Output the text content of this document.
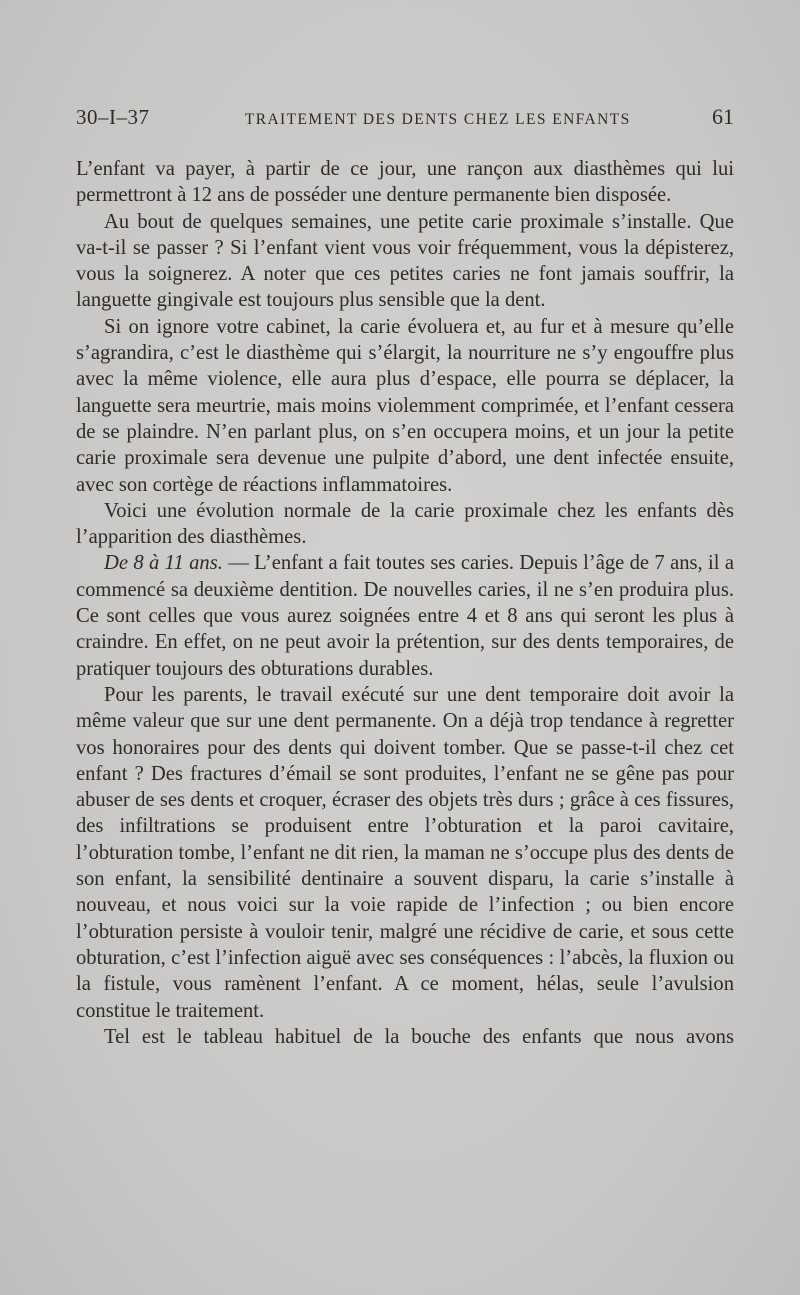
30–I–37	TRAITEMENT DES DENTS CHEZ LES ENFANTS	61

L’enfant va payer, à partir de ce jour, une rançon aux diasthèmes qui lui permettront à 12 ans de posséder une denture permanente bien disposée.

Au bout de quelques semaines, une petite carie proximale s’installe. Que va-t-il se passer ? Si l’enfant vient vous voir fréquemment, vous la dépisterez, vous la soignerez. A noter que ces petites caries ne font jamais souffrir, la languette gingivale est toujours plus sensible que la dent.

Si on ignore votre cabinet, la carie évoluera et, au fur et à mesure qu’elle s’agrandira, c’est le diasthème qui s’élargit, la nourriture ne s’y engouffre plus avec la même violence, elle aura plus d’espace, elle pourra se déplacer, la languette sera meurtrie, mais moins violemment comprimée, et l’enfant cessera de se plaindre. N’en parlant plus, on s’en occupera moins, et un jour la petite carie proximale sera devenue une pulpite d’abord, une dent infectée ensuite, avec son cortège de réactions inflammatoires.

Voici une évolution normale de la carie proximale chez les enfants dès l’apparition des diasthèmes.

De 8 à 11 ans. — L’enfant a fait toutes ses caries. Depuis l’âge de 7 ans, il a commencé sa deuxième dentition. De nouvelles caries, il ne s’en produira plus. Ce sont celles que vous aurez soignées entre 4 et 8 ans qui seront les plus à craindre. En effet, on ne peut avoir la prétention, sur des dents temporaires, de pratiquer toujours des obturations durables.

Pour les parents, le travail exécuté sur une dent temporaire doit avoir la même valeur que sur une dent permanente. On a déjà trop tendance à regretter vos honoraires pour des dents qui doivent tomber. Que se passe-t-il chez cet enfant ? Des fractures d’émail se sont produites, l’enfant ne se gêne pas pour abuser de ses dents et croquer, écraser des objets très durs ; grâce à ces fissures, des infiltrations se produisent entre l’obturation et la paroi cavitaire, l’obturation tombe, l’enfant ne dit rien, la maman ne s’occupe plus des dents de son enfant, la sensibilité dentinaire a souvent disparu, la carie s’installe à nouveau, et nous voici sur la voie rapide de l’infection ; ou bien encore l’obturation persiste à vouloir tenir, malgré une récidive de carie, et sous cette obturation, c’est l’infection aiguë avec ses conséquences : l’abcès, la fluxion ou la fistule, vous ramènent l’enfant. A ce moment, hélas, seule l’avulsion constitue le traitement.

Tel est le tableau habituel de la bouche des enfants que nous avons
